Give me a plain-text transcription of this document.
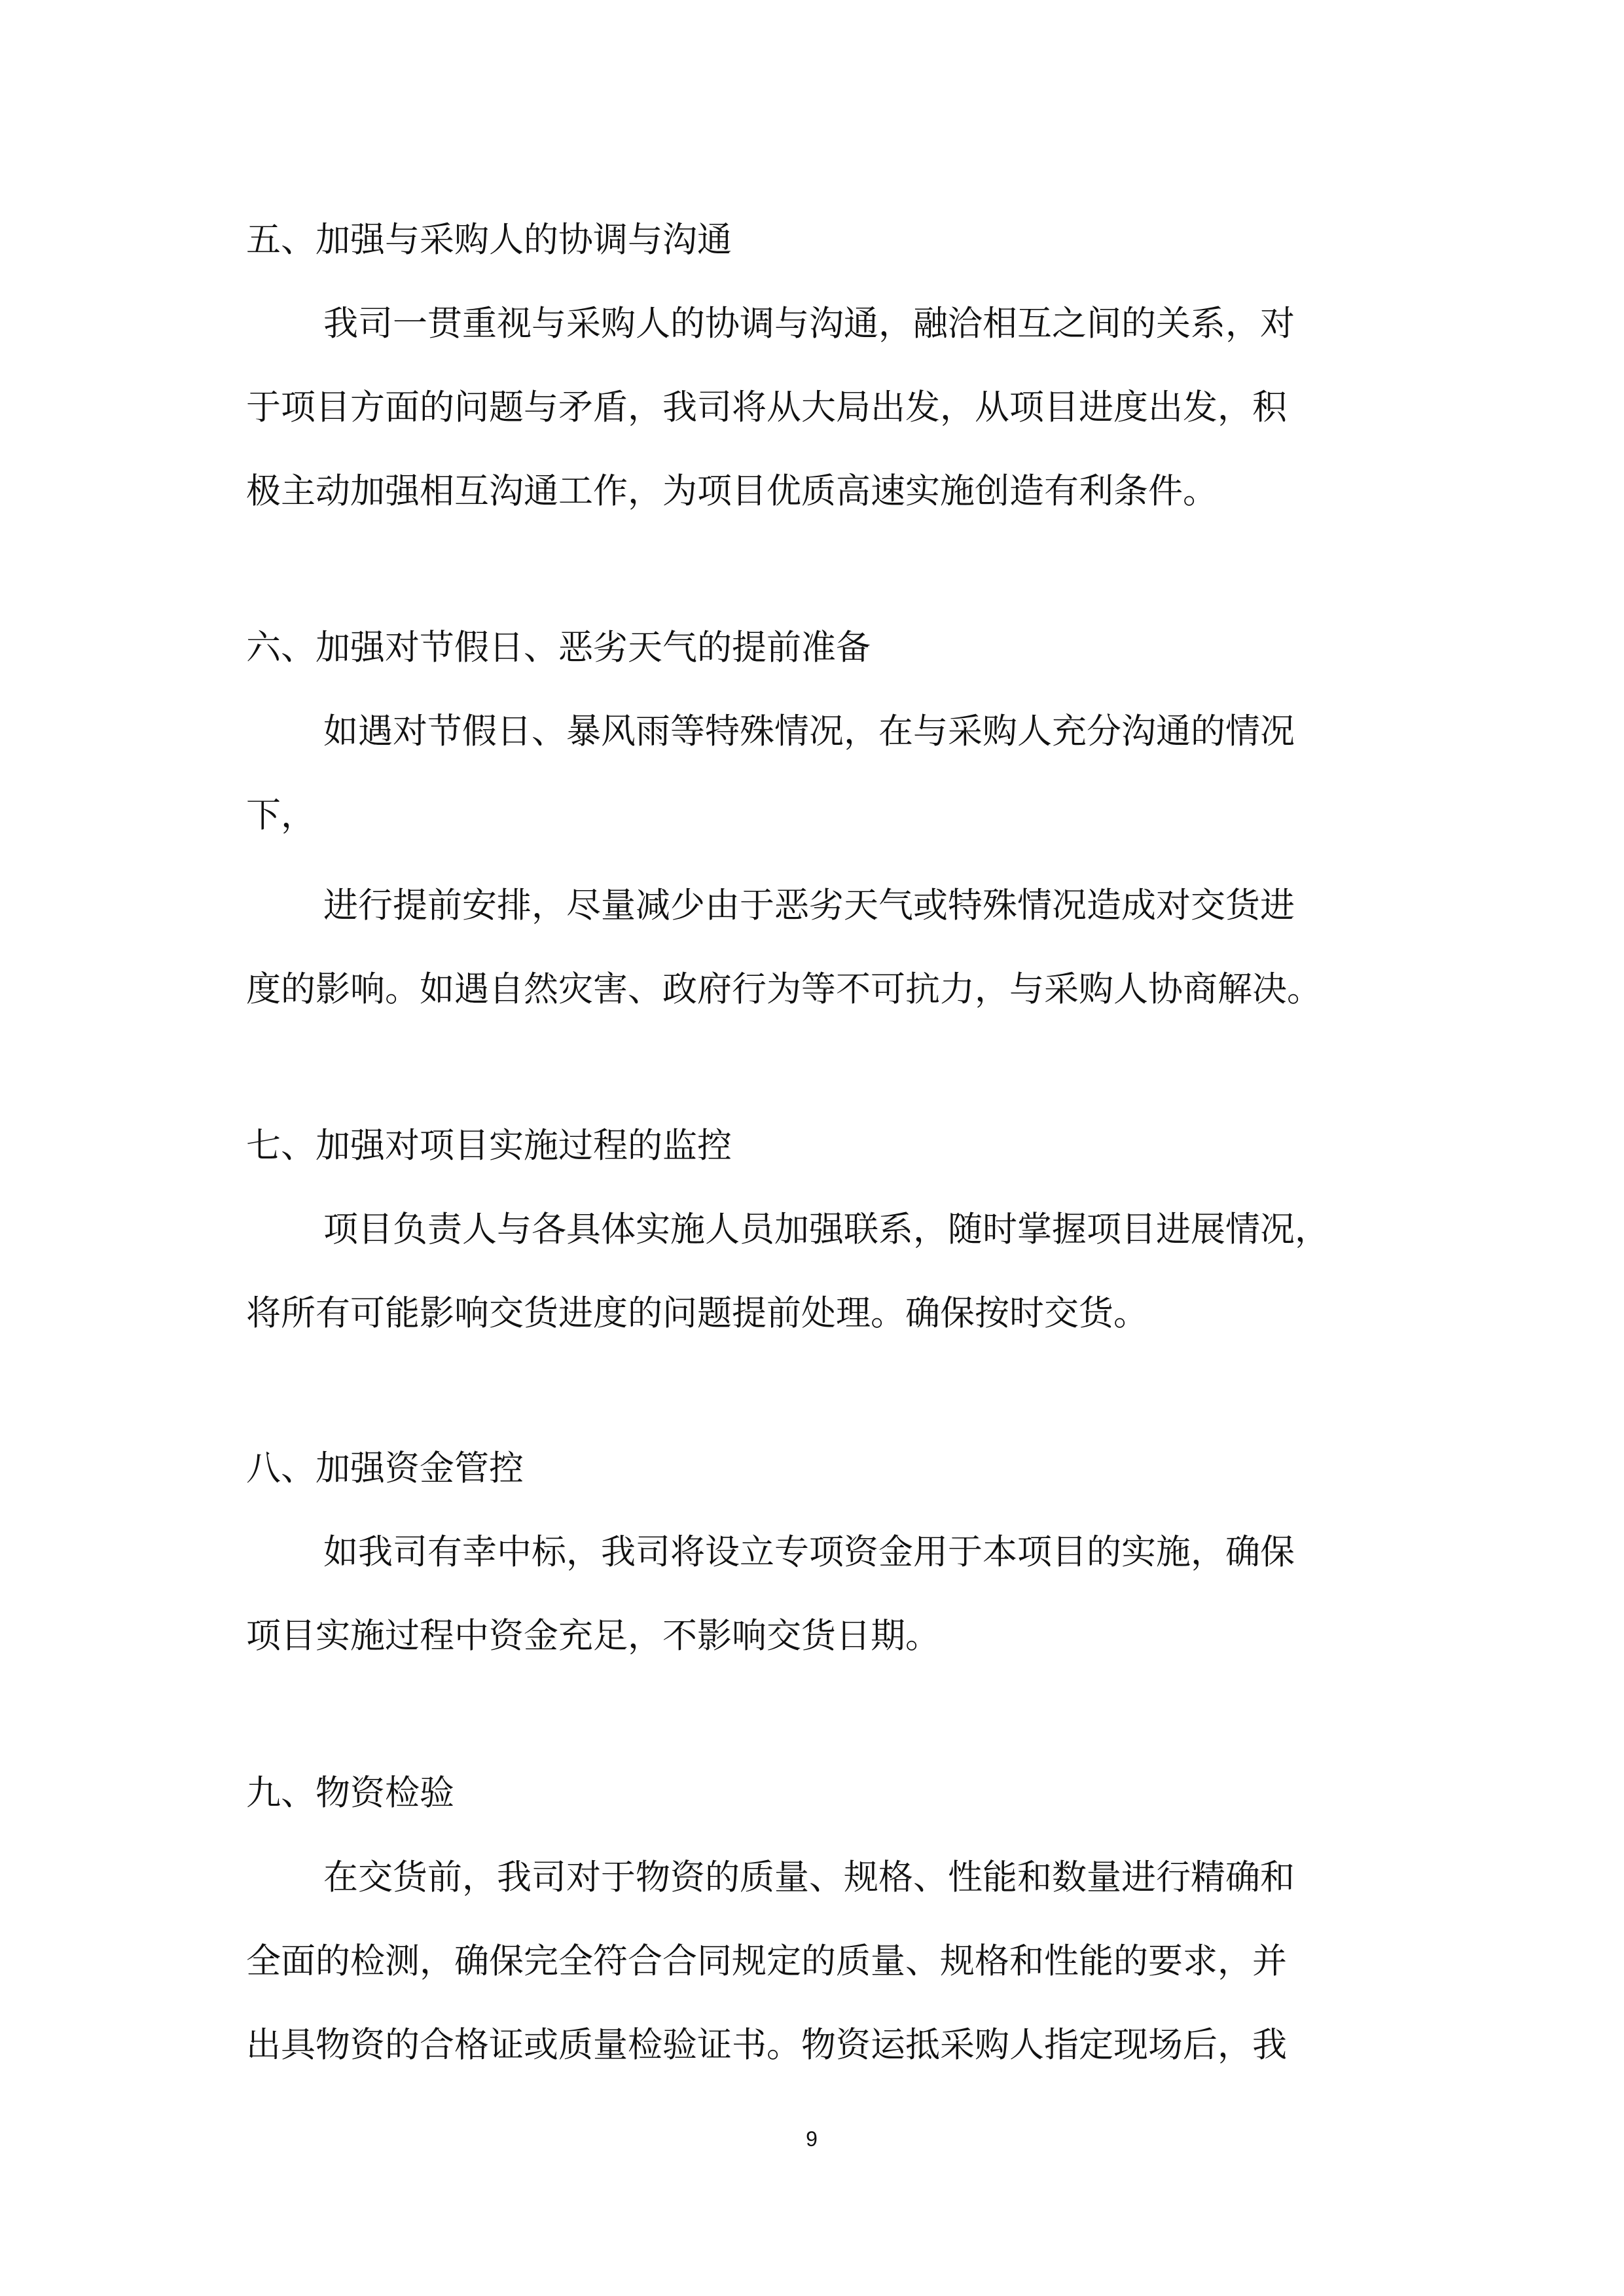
五、加强与采购人的协调与沟通
我司一贯重视与采购人的协调与沟通，融洽相互之间的关系，对
于项目方面的问题与矛盾，我司将从大局出发，从项目进度出发，积
极主动加强相互沟通工作，为项目优质高速实施创造有利条件。
六、加强对节假日、恶劣天气的提前准备
如遇对节假日、暴风雨等特殊情况，在与采购人充分沟通的情况
下，
进行提前安排，尽量减少由于恶劣天气或特殊情况造成对交货进
度的影响。如遇自然灾害、政府行为等不可抗力，与采购人协商解决。
七、加强对项目实施过程的监控
项目负责人与各具体实施人员加强联系，随时掌握项目进展情况，
将所有可能影响交货进度的问题提前处理。确保按时交货。
八、加强资金管控
如我司有幸中标，我司将设立专项资金用于本项目的实施，确保
项目实施过程中资金充足，不影响交货日期。
九、物资检验
在交货前，我司对于物资的质量、规格、性能和数量进行精确和
全面的检测，确保完全符合合同规定的质量、规格和性能的要求，并
出具物资的合格证或质量检验证书。物资运抵采购人指定现场后，我
9
